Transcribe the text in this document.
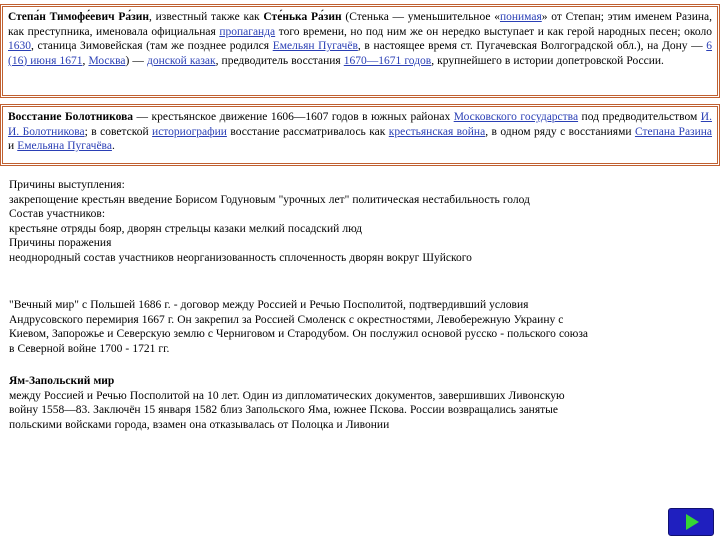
Степа́н Тимофе́евич Ра́зин, известный также как Сте́нька Ра́зин (Стенька — уменьшительное «понимая» от Степан; этим именем Разина, как преступника, именовала официальная пропаганда того времени, но под ним же он нередко выступает и как герой народных песен; около 1630, станица Зимовейская (там же позднее родился Емельян Пугачёв, в настоящее время ст. Пугачевская Волгоградской обл.), на Дону — 6 (16) июня 1671, Москва) — донской казак, предводитель восстания 1670—1671 годов, крупнейшего в истории допетровской России.
Восстание Болотникова — крестьянское движение 1606—1607 годов в южных районах Московского государства под предводительством И. И. Болотникова; в советской историографии восстание рассматривалось как крестьянская война, в одном ряду с восстаниями Степана Разина и Емельяна Пугачёва.
Причины выступления:
закрепощение крестьян введение Борисом Годуновым "урочных лет" политическая нестабильность голод
Состав участников:
крестьяне отряды бояр, дворян стрельцы казаки мелкий посадский люд
Причины поражения
неоднородный состав участников неорганизованность сплоченность дворян вокруг Шуйского
"Вечный мир" с Польшей 1686 г. - договор между Россией и Речью Посполитой, подтвердивший условия
Андрусовского перемирия 1667 г. Он закрепил за Россией Смоленск с окрестностями, Левобережную Украину с
Киевом, Запорожье и Северскую землю с Черниговом и Стародубом. Он послужил основой русско - польского союза
в Северной войне 1700 - 1721 гг.
Ям-Запольский мир
между Россией и Речью Посполитой на 10 лет. Один из дипломатических документов, завершивших Ливонскую
войну 1558—83. Заключён 15 января 1582 близ Запольского Яма, южнее Пскова. России возвращались занятые
польскими войсками города, взамен она отказывалась от Полоцка и Ливонии
